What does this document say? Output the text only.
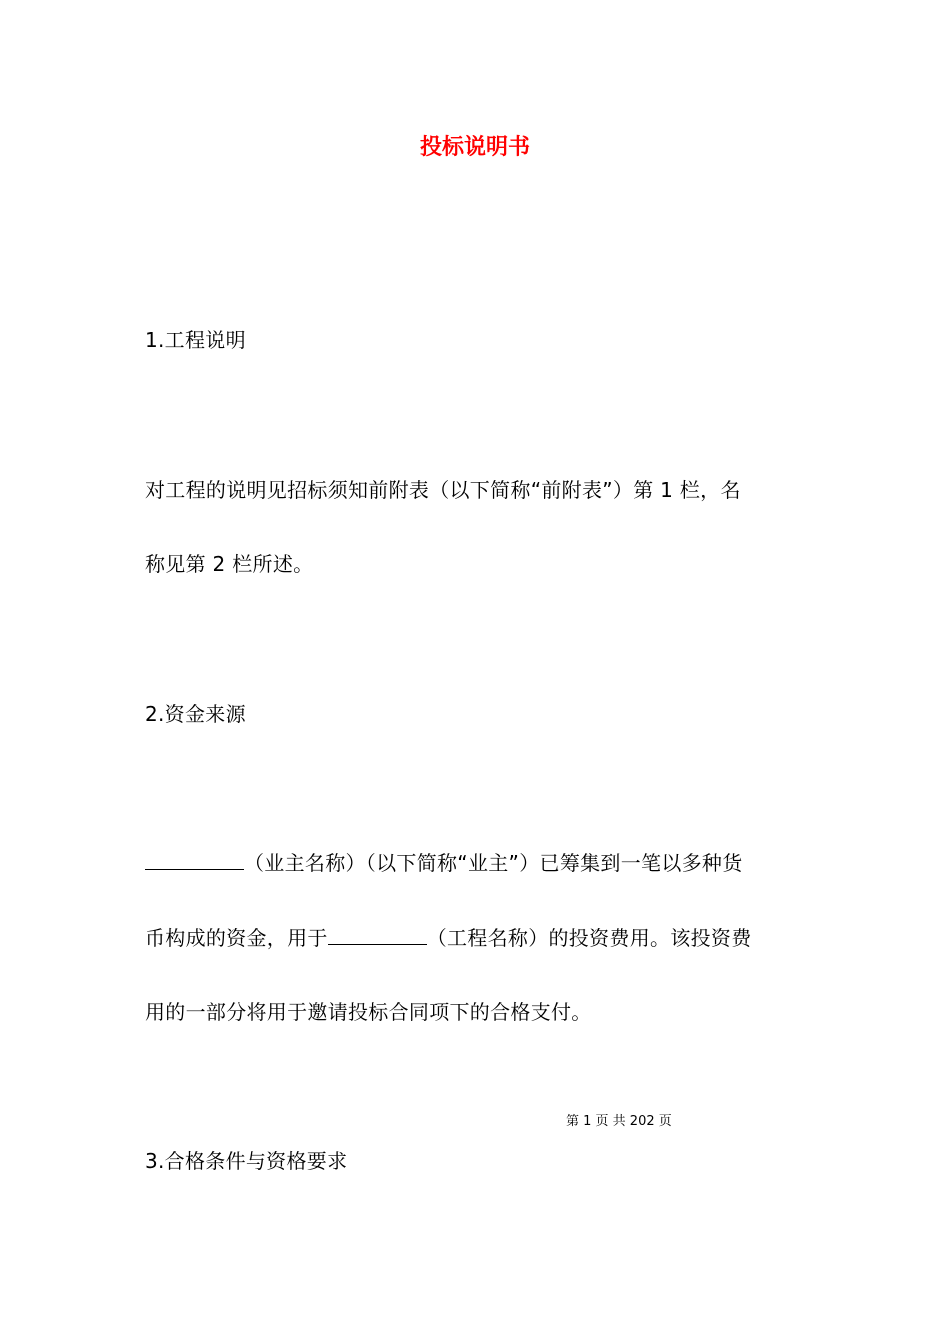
投标说明书
1.工程说明
对工程的说明见招标须知前附表（以下简称“前附表”）第 1 栏，名
称见第 2 栏所述。
2.资金来源
（业主名称）（以下简称“业主”）已筹集到一笔以多种货
币构成的资金，用于	（工程名称）的投资费用。该投资费
用的一部分将用于邀请投标合同项下的合格支付。
第 1 页 共 202 页
3.合格条件与资格要求
